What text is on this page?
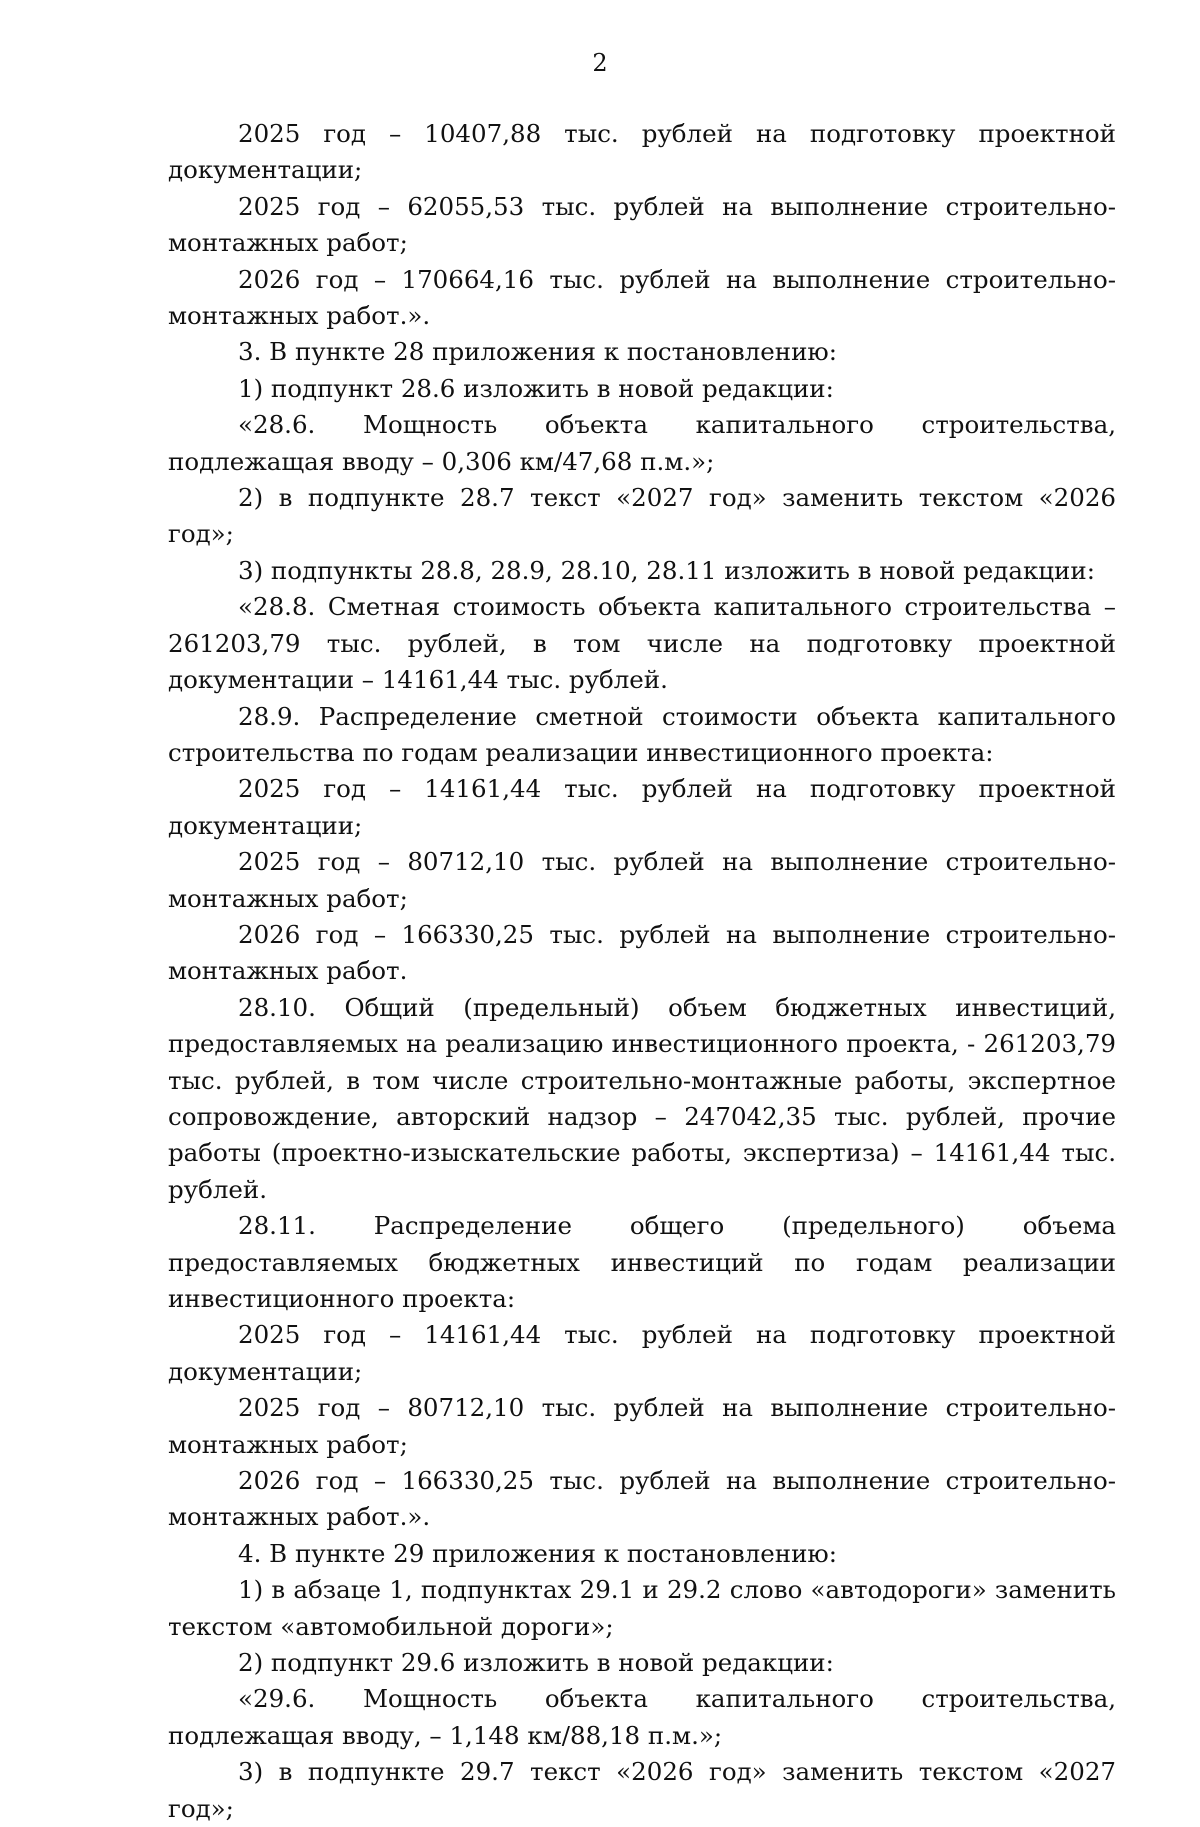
2

2025 год – 10407,88 тыс. рублей на подготовку проектной документации;

2025 год – 62055,53 тыс. рублей на выполнение строительно-монтажных работ;

2026 год – 170664,16 тыс. рублей на выполнение строительно-монтажных работ.».

3. В пункте 28 приложения к постановлению:

1) подпункт 28.6 изложить в новой редакции:

«28.6. Мощность объекта капитального строительства, подлежащая вводу – 0,306 км/47,68 п.м.»;

2) в подпункте 28.7 текст «2027 год» заменить текстом «2026 год»;

3) подпункты 28.8, 28.9, 28.10, 28.11 изложить в новой редакции:

«28.8. Сметная стоимость объекта капитального строительства – 261203,79 тыс. рублей, в том числе на подготовку проектной документации – 14161,44 тыс. рублей.

28.9. Распределение сметной стоимости объекта капитального строительства по годам реализации инвестиционного проекта:

2025 год – 14161,44 тыс. рублей на подготовку проектной документации;

2025 год – 80712,10 тыс. рублей на выполнение строительно-монтажных работ;

2026 год – 166330,25 тыс. рублей на выполнение строительно-монтажных работ.

28.10. Общий (предельный) объем бюджетных инвестиций, предоставляемых на реализацию инвестиционного проекта, - 261203,79 тыс. рублей, в том числе строительно-монтажные работы, экспертное сопровождение, авторский надзор – 247042,35 тыс. рублей, прочие работы (проектно-изыскательские работы, экспертиза) – 14161,44 тыс. рублей.

28.11. Распределение общего (предельного) объема предоставляемых бюджетных инвестиций по годам реализации инвестиционного проекта:

2025 год – 14161,44 тыс. рублей на подготовку проектной документации;

2025 год – 80712,10 тыс. рублей на выполнение строительно-монтажных работ;

2026 год – 166330,25 тыс. рублей на выполнение строительно-монтажных работ.».

4. В пункте 29 приложения к постановлению:

1) в абзаце 1, подпунктах 29.1 и 29.2 слово «автодороги» заменить текстом «автомобильной дороги»;

2) подпункт 29.6 изложить в новой редакции:

«29.6. Мощность объекта капитального строительства, подлежащая вводу, – 1,148 км/88,18 п.м.»;

3) в подпункте 29.7 текст «2026 год» заменить текстом «2027 год»;
